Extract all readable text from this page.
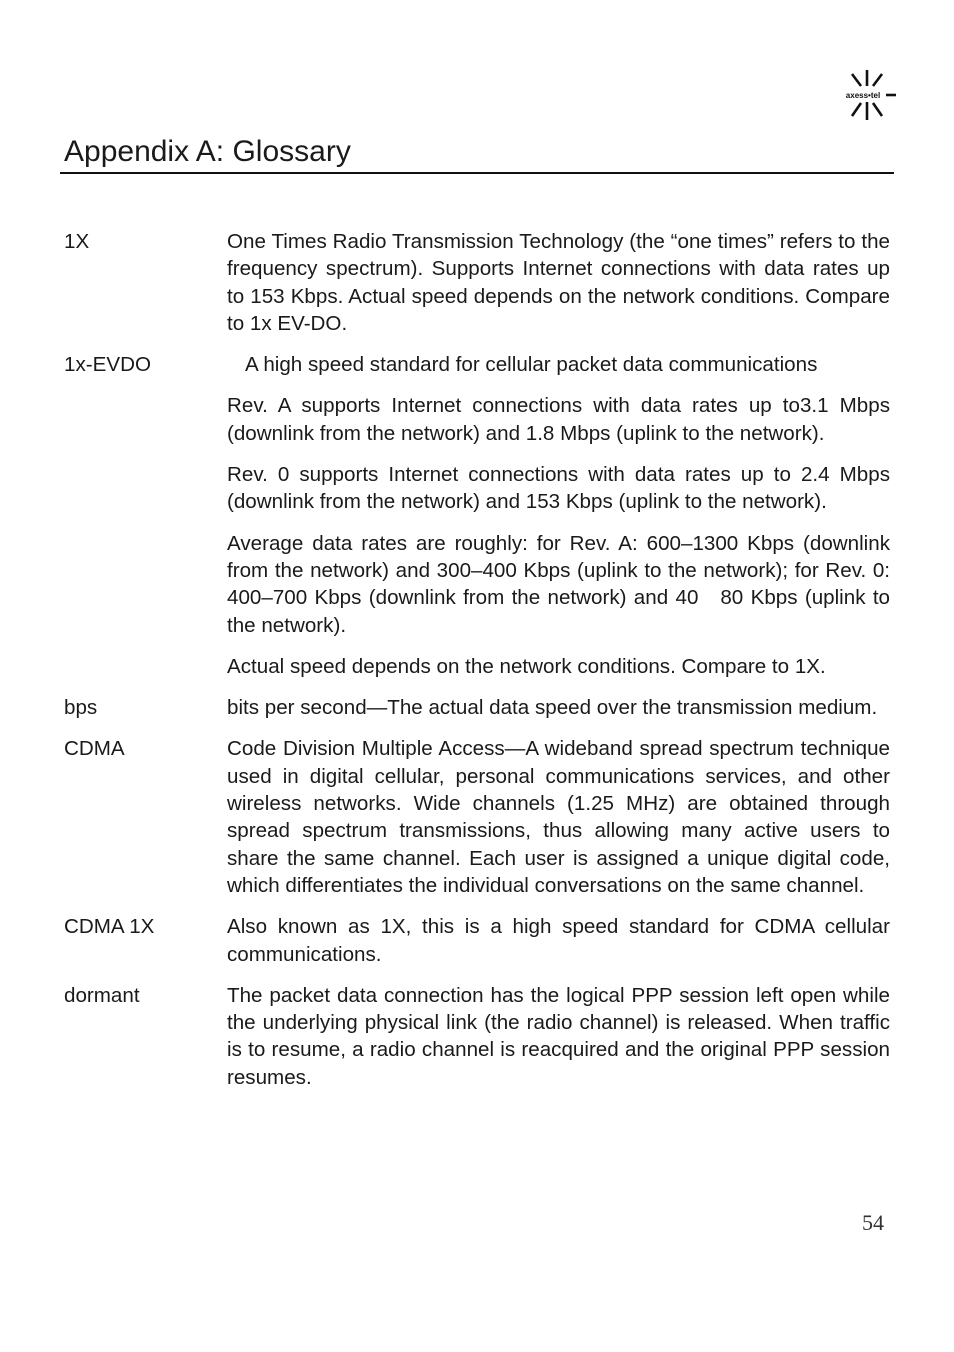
axess•tel
Appendix A: Glossary
1X	One Times Radio Transmission Technology (the “one times” refers to the frequency spectrum). Supports Internet connections with data rates up to 153 Kbps. Actual speed depends on the network conditions. Compare to 1x EV-DO.

1x-EVDO	A high speed standard for cellular packet data communications

Rev. A supports Internet connections with data rates up to3.1 Mbps (downlink from the network) and 1.8 Mbps (uplink to the network).

Rev. 0 supports Internet connections with data rates up to 2.4 Mbps (downlink from the network) and 153 Kbps (uplink to the network).

Average data rates are roughly: for Rev. A: 600–1300 Kbps (downlink from the network) and 300–400 Kbps (uplink to the network); for Rev. 0: 400–700 Kbps (downlink from the network) and 40   80 Kbps (uplink to the network).

Actual speed depends on the network conditions. Compare to 1X.

bps	bits per second—The actual data speed over the transmission medium.

CDMA	Code Division Multiple Access—A wideband spread spectrum technique used in digital cellular, personal communications services, and other wireless networks. Wide channels (1.25 MHz) are obtained through spread spectrum transmissions, thus allowing many active users to share the same channel. Each user is assigned a unique digital code, which differentiates the individual conversations on the same channel.

CDMA 1X	Also known as 1X, this is a high speed standard for CDMA cellular communications.

dormant	The packet data connection has the logical PPP session left open while the underlying physical link (the radio channel) is released. When traffic is to resume, a radio channel is reacquired and the original PPP session resumes.

54
